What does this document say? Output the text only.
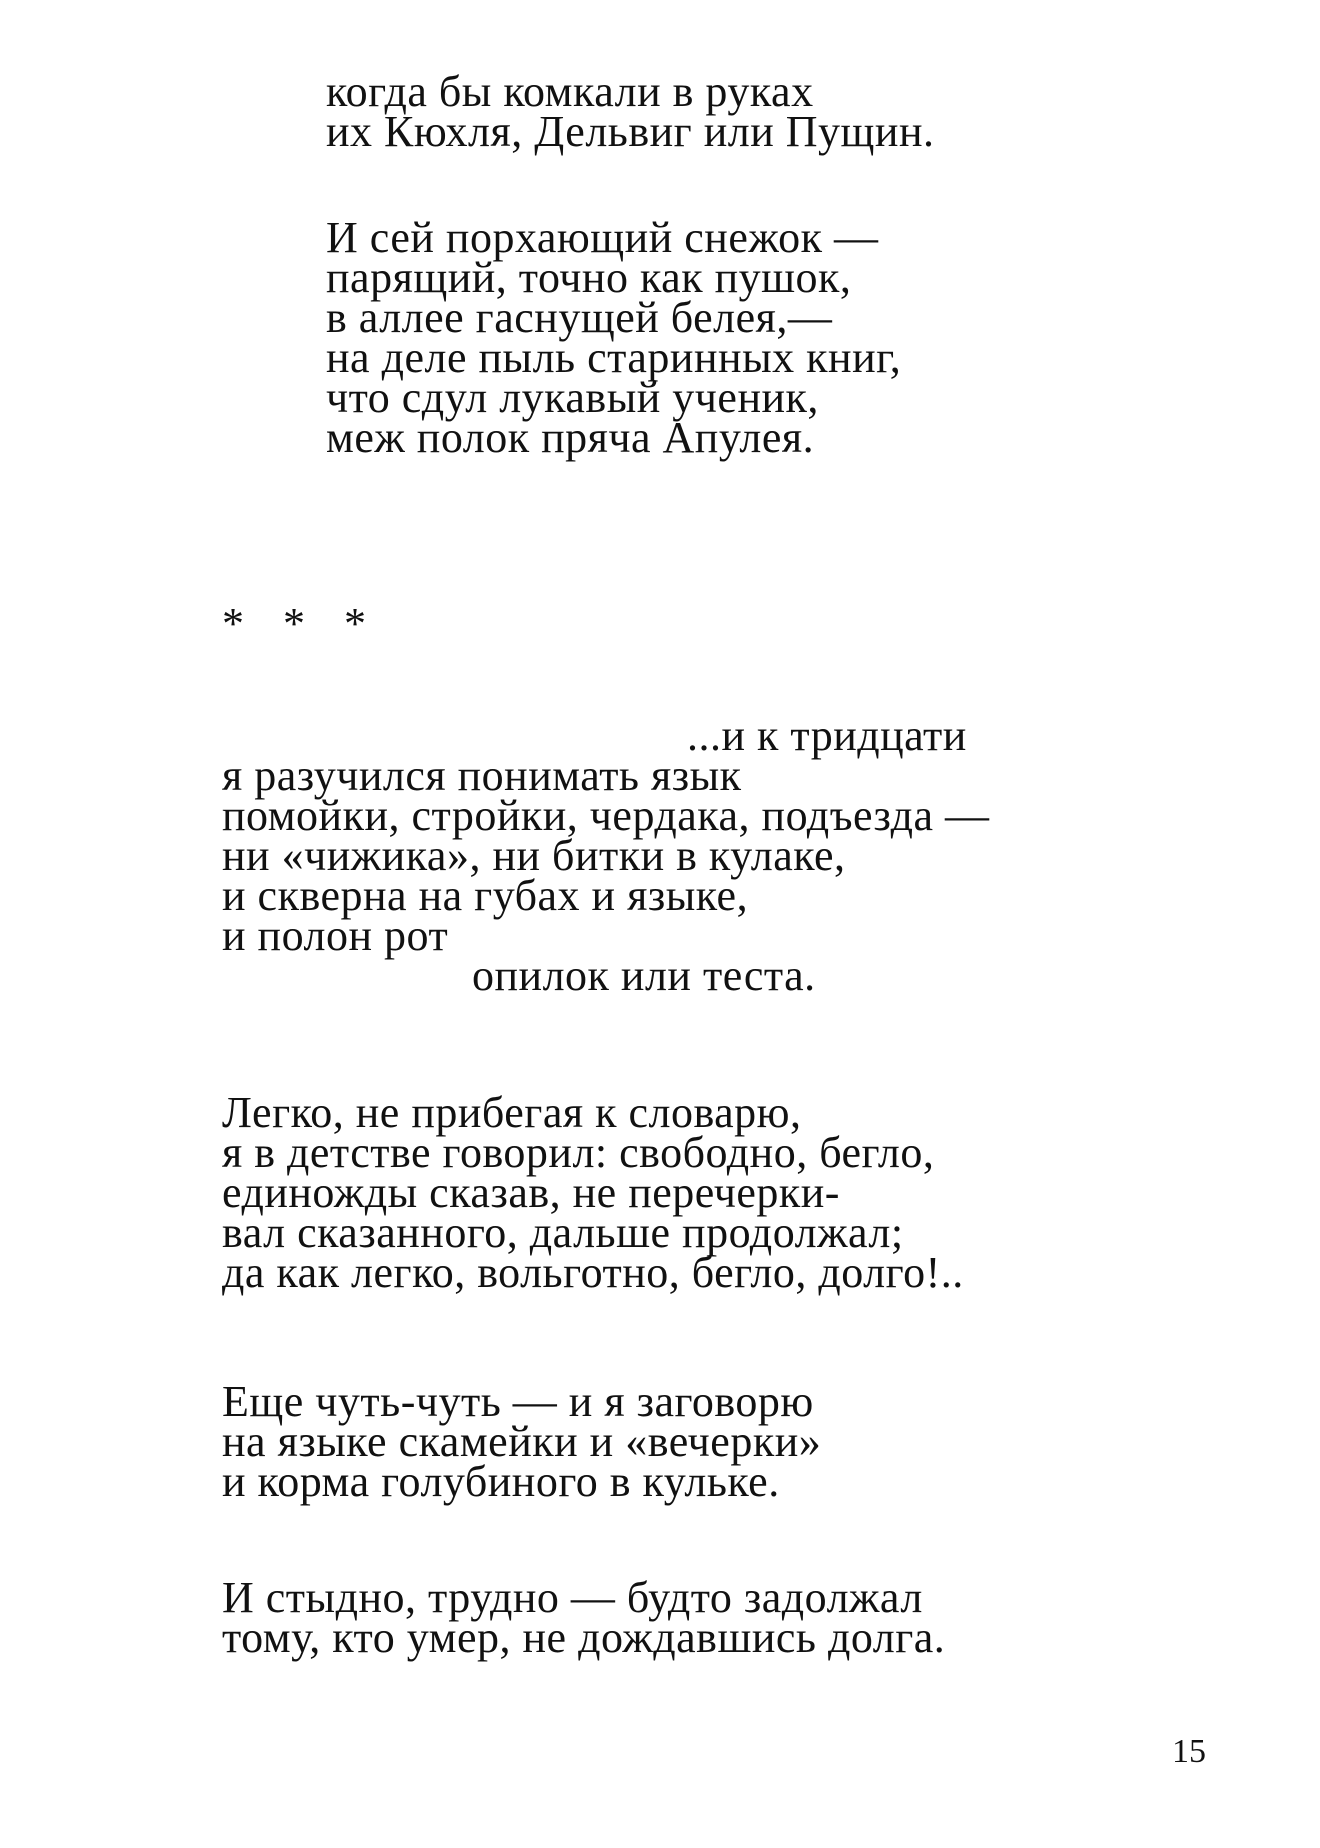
когда бы комкали в руках
их Кюхля, Дельвиг или Пущин.
И сей порхающий снежок —
парящий, точно как пушок,
в аллее гаснущей белея,—
на деле пыль старинных книг,
что сдул лукавый ученик,
меж полок пряча Апулея.
* * *
...и к тридцати
я разучился понимать язык
помойки, стройки, чердака, подъезда —
ни «чижика», ни битки в кулаке,
и скверна на губах и языке,
и полон рот
опилок или теста.
Легко, не прибегая к словарю,
я в детстве говорил: свободно, бегло,
единожды сказав, не перечерки-
вал сказанного, дальше продолжал;
да как легко, вольготно, бегло, долго!..
Еще чуть-чуть — и я заговорю
на языке скамейки и «вечерки»
и корма голубиного в кульке.
И стыдно, трудно — будто задолжал
тому, кто умер, не дождавшись долга.
15
